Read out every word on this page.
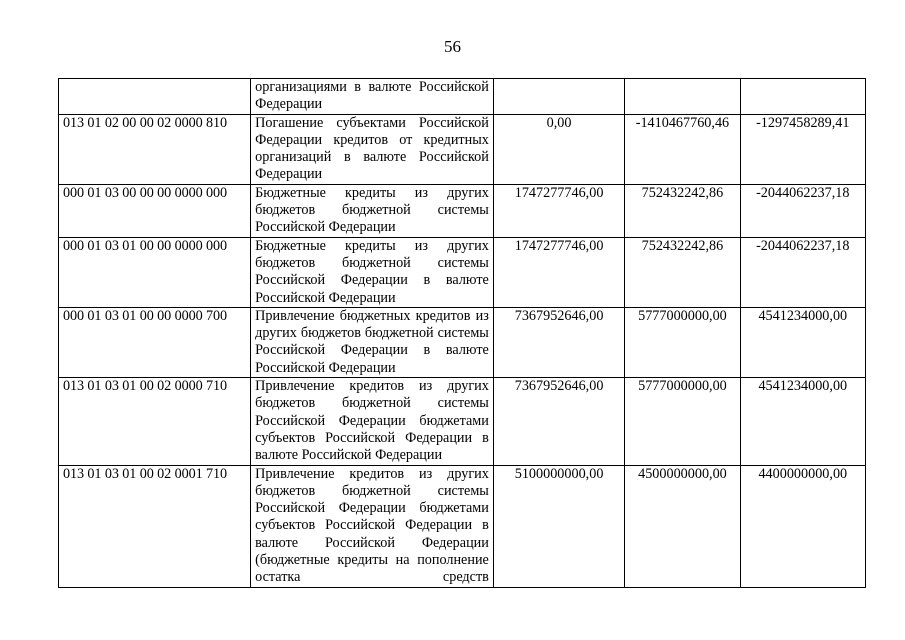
56
	организациями в валюте Российской Федерации			
013 01 02 00 00 02 0000 810	Погашение субъектами Российской Федерации кредитов от кредитных организаций в валюте Российской Федерации	0,00	-1410467760,46	-1297458289,41
000 01 03 00 00 00 0000 000	Бюджетные кредиты из других бюджетов бюджетной системы Российской Федерации	1747277746,00	752432242,86	-2044062237,18
000 01 03 01 00 00 0000 000	Бюджетные кредиты из других бюджетов бюджетной системы Российской Федерации в валюте Российской Федерации	1747277746,00	752432242,86	-2044062237,18
000 01 03 01 00 00 0000 700	Привлечение бюджетных кредитов из других бюджетов бюджетной системы Российской Федерации в валюте Российской Федерации	7367952646,00	5777000000,00	4541234000,00
013 01 03 01 00 02 0000 710	Привлечение кредитов из других бюджетов бюджетной системы Российской Федерации бюджетами субъектов Российской Федерации в валюте Российской Федерации	7367952646,00	5777000000,00	4541234000,00
013 01 03 01 00 02 0001 710	Привлечение кредитов из других бюджетов бюджетной системы Российской Федерации бюджетами субъектов Российской Федерации в валюте Российской Федерации (бюджетные кредиты на пополнение остатка средств	5100000000,00	4500000000,00	4400000000,00
